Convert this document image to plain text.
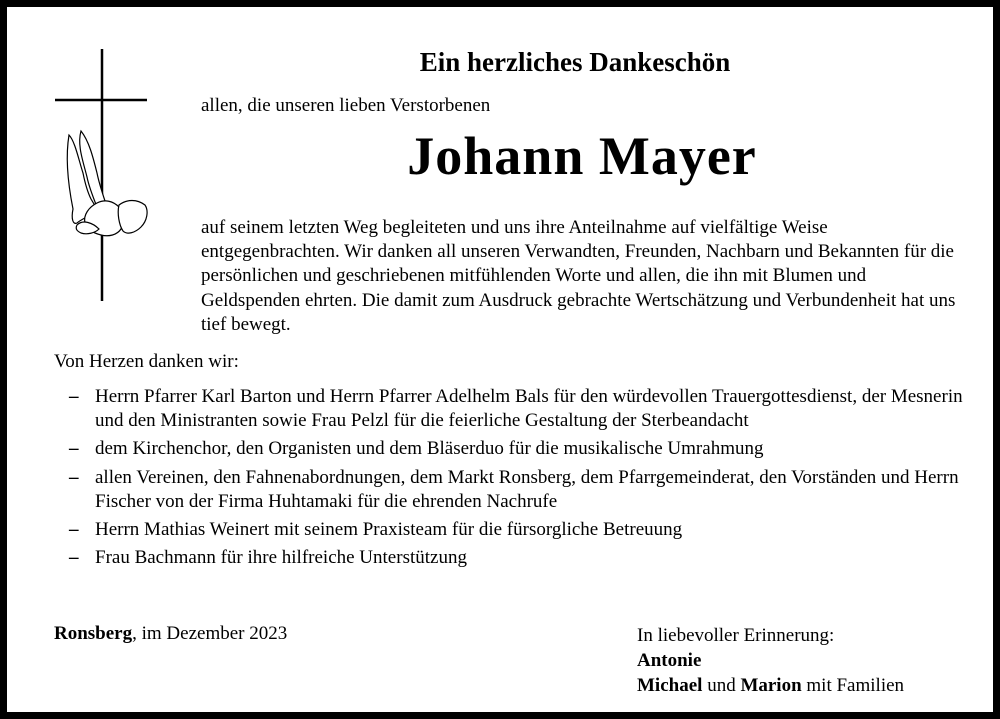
Ein herzliches Dankeschön
allen, die unseren lieben Verstorbenen
Johann Mayer
auf seinem letzten Weg begleiteten und uns ihre Anteilnahme auf vielfältige Weise entgegenbrachten. Wir danken all unseren Verwandten, Freunden, Nachbarn und Bekannten für die persönlichen und geschriebenen mitfühlenden Worte und allen, die ihn mit Blumen und Geldspenden ehrten. Die damit zum Ausdruck gebrachte Wertschätzung und Verbundenheit hat uns tief bewegt.
Von Herzen danken wir:
– Herrn Pfarrer Karl Barton und Herrn Pfarrer Adelhelm Bals für den würdevollen Trauergottesdienst, der Mesnerin und den Ministranten sowie Frau Pelzl für die feierliche Gestaltung der Sterbeandacht
– dem Kirchenchor, den Organisten und dem Bläserduo für die musikalische Umrahmung
– allen Vereinen, den Fahnenabordnungen, dem Markt Ronsberg, dem Pfarrgemeinderat, den Vorständen und Herrn Fischer von der Firma Huhtamaki für die ehrenden Nachrufe
– Herrn Mathias Weinert mit seinem Praxisteam für die fürsorgliche Betreuung
– Frau Bachmann für ihre hilfreiche Unterstützung
Ronsberg, im Dezember 2023	In liebevoller Erinnerung:
Antonie
Michael und Marion mit Familien
